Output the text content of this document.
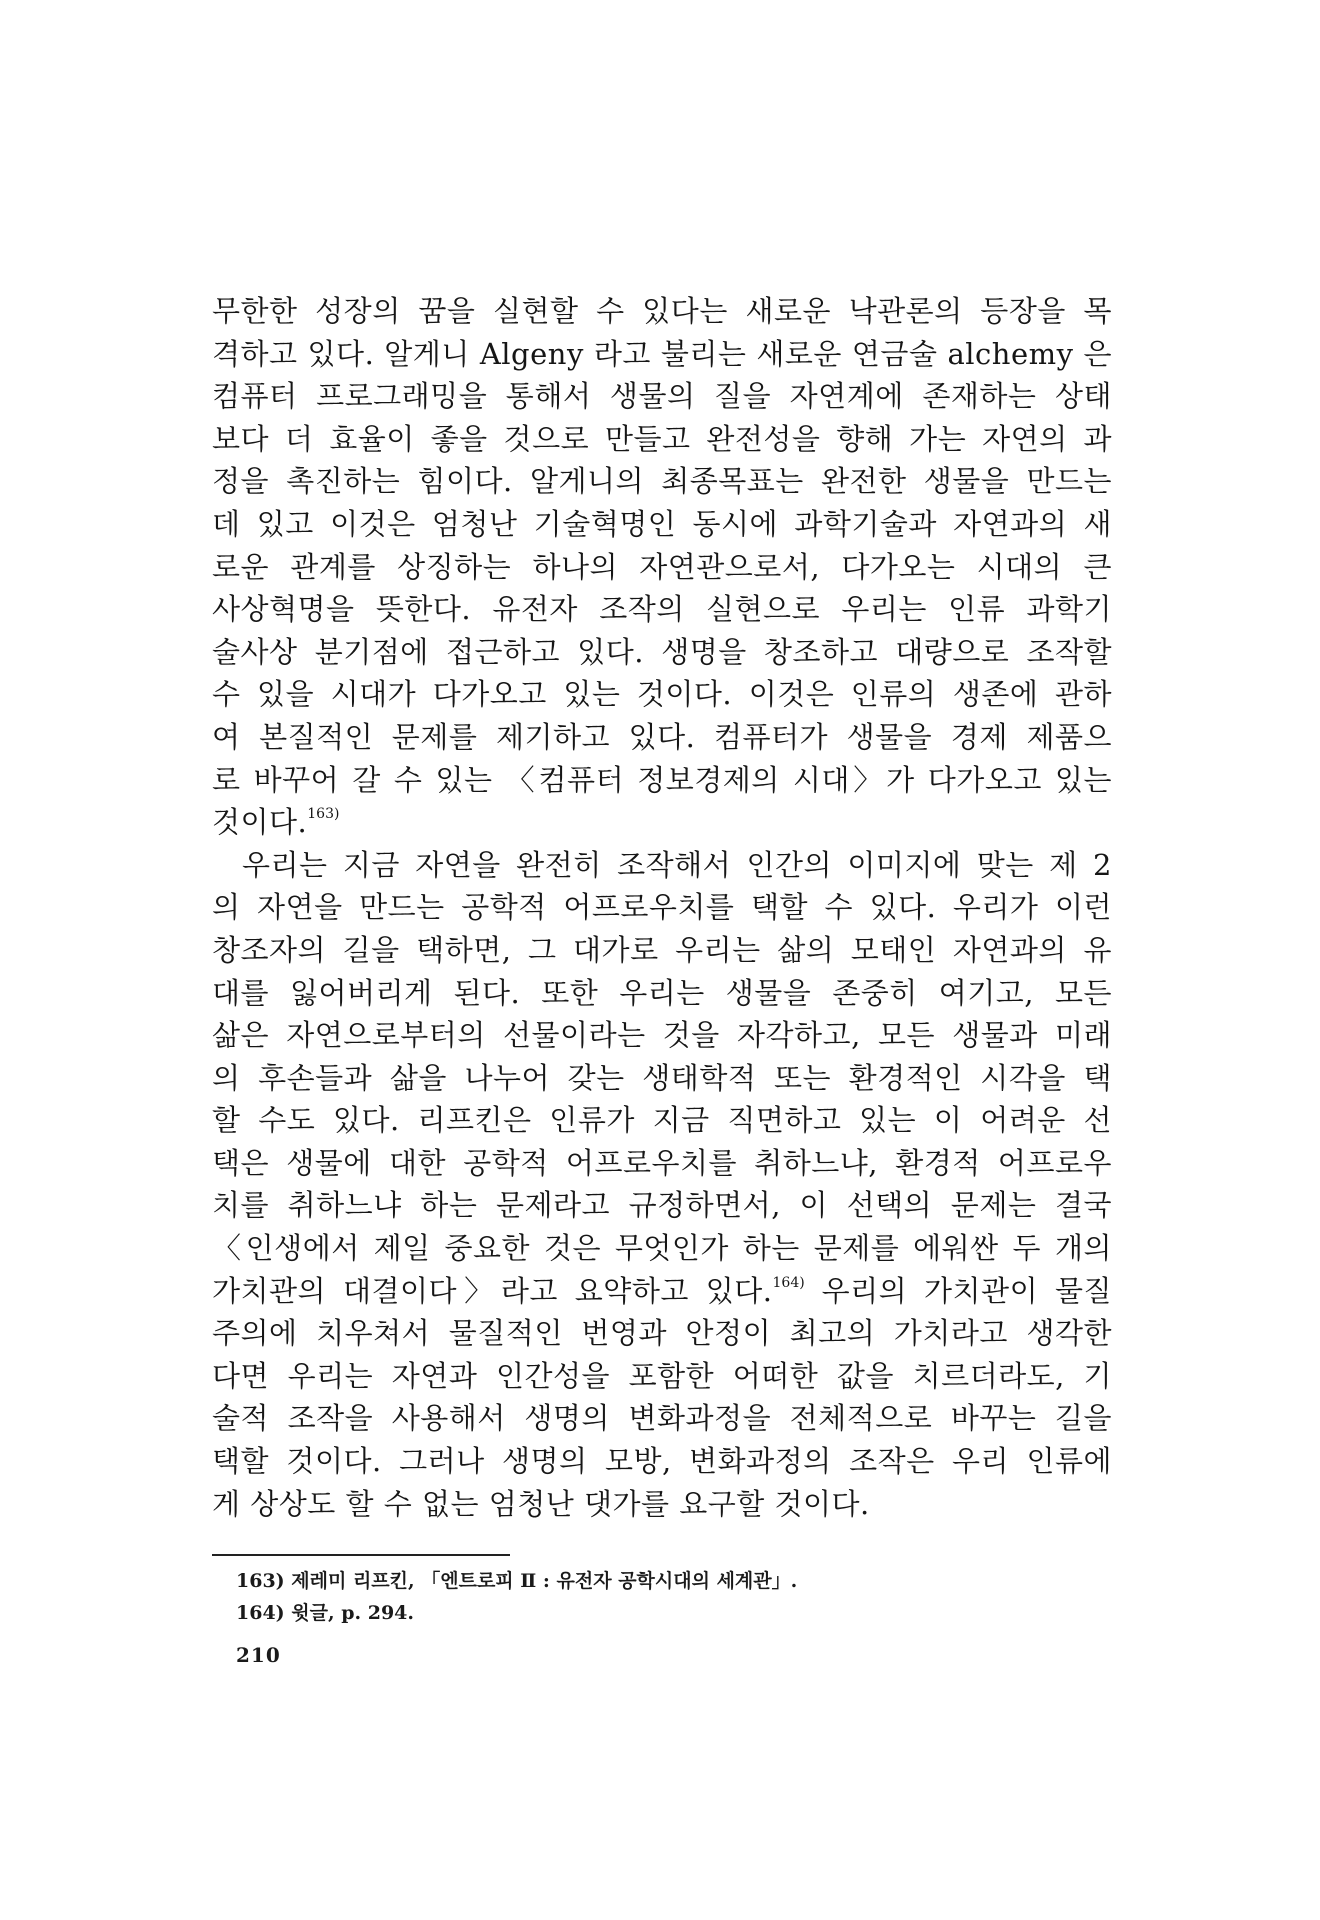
무한한 성장의 꿈을 실현할 수 있다는 새로운 낙관론의 등장을 목
격하고 있다. 알게니 Algeny 라고 불리는 새로운 연금술 alchemy 은
컴퓨터 프로그래밍을 통해서 생물의 질을 자연계에 존재하는 상태
보다 더 효율이 좋을 것으로 만들고 완전성을 향해 가는 자연의 과
정을 촉진하는 힘이다. 알게니의 최종목표는 완전한 생물을 만드는
데 있고 이것은 엄청난 기술혁명인 동시에 과학기술과 자연과의 새
로운 관계를 상징하는 하나의 자연관으로서, 다가오는 시대의 큰
사상혁명을 뜻한다. 유전자 조작의 실현으로 우리는 인류 과학기
술사상 분기점에 접근하고 있다. 생명을 창조하고 대량으로 조작할
수 있을 시대가 다가오고 있는 것이다. 이것은 인류의 생존에 관하
여 본질적인 문제를 제기하고 있다. 컴퓨터가 생물을 경제 제품으
로 바꾸어 갈 수 있는 〈컴퓨터 정보경제의 시대〉가 다가오고 있는
것이다.$^{163)}$
우리는 지금 자연을 완전히 조작해서 인간의 이미지에 맞는 제 2
의 자연을 만드는 공학적 어프로우치를 택할 수 있다. 우리가 이런
창조자의 길을 택하면, 그 대가로 우리는 삶의 모태인 자연과의 유
대를 잃어버리게 된다. 또한 우리는 생물을 존중히 여기고, 모든
삶은 자연으로부터의 선물이라는 것을 자각하고, 모든 생물과 미래
의 후손들과 삶을 나누어 갖는 생태학적 또는 환경적인 시각을 택
할 수도 있다. 리프킨은 인류가 지금 직면하고 있는 이 어려운 선
택은 생물에 대한 공학적 어프로우치를 취하느냐, 환경적 어프로우
치를 취하느냐 하는 문제라고 규정하면서, 이 선택의 문제는 결국
〈인생에서 제일 중요한 것은 무엇인가 하는 문제를 에워싼 두 개의
가치관의 대결이다〉라고 요약하고 있다.$^{164)}$ 우리의 가치관이 물질
주의에 치우쳐서 물질적인 번영과 안정이 최고의 가치라고 생각한
다면 우리는 자연과 인간성을 포함한 어떠한 값을 치르더라도, 기
술적 조작을 사용해서 생명의 변화과정을 전체적으로 바꾸는 길을
택할 것이다. 그러나 생명의 모방, 변화과정의 조작은 우리 인류에
게 상상도 할 수 없는 엄청난 댓가를 요구할 것이다.
163) 제레미 리프킨, 「엔트로피 Ⅱ : 유전자 공학시대의 세계관」.
164) 윗글, p. 294.
210
